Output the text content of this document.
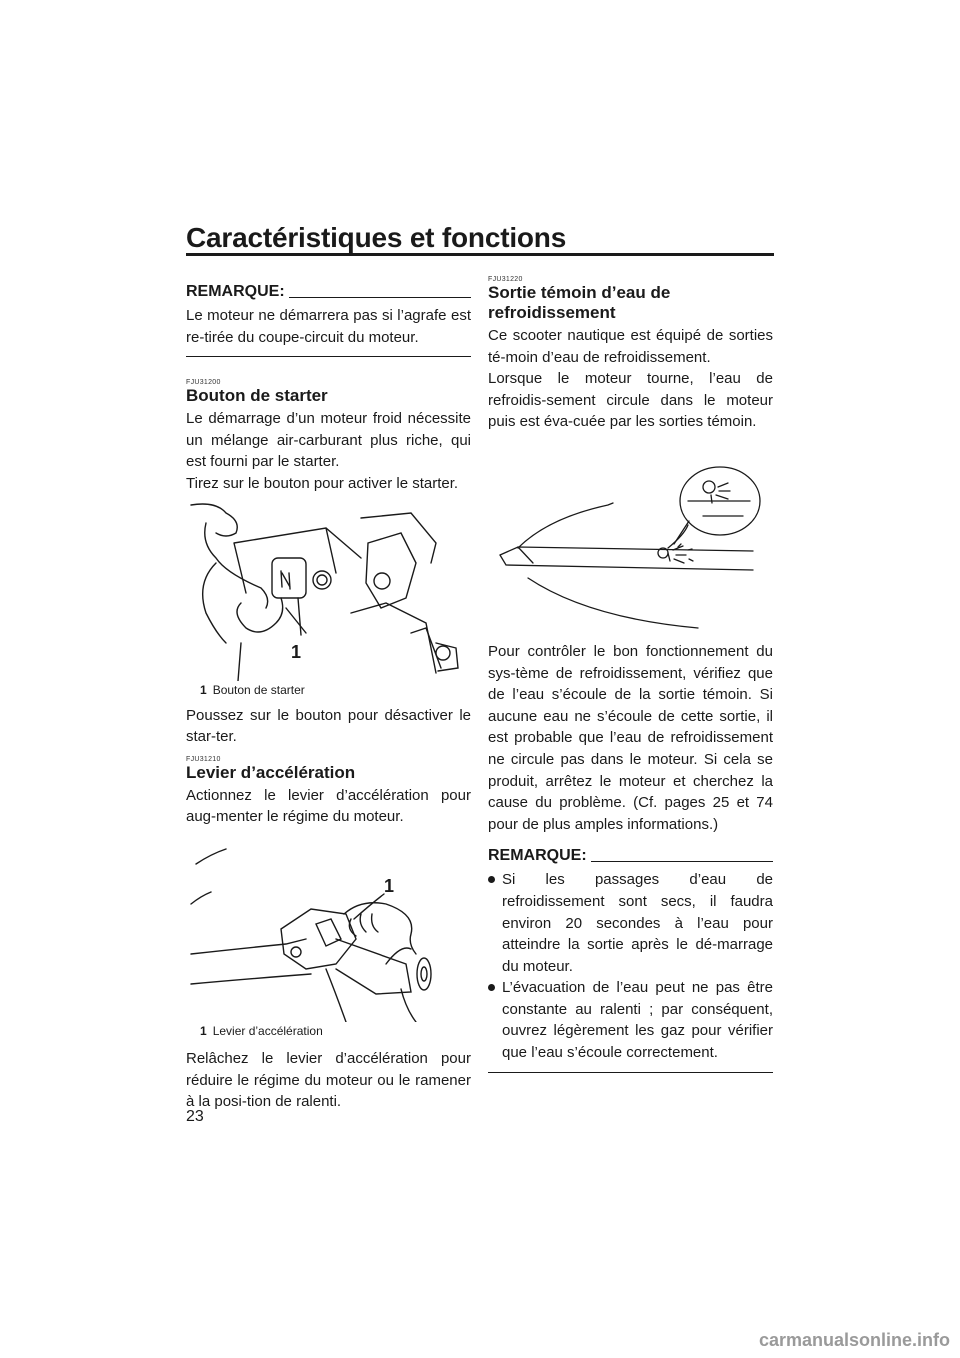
Caractéristiques et fonctions
REMARQUE:

Le moteur ne démarrera pas si l’agrafe est re-tirée du coupe-circuit du moteur.

FJU31200
Bouton de starter

Le démarrage d’un moteur froid nécessite un mélange air-carburant plus riche, qui est fourni par le starter.

Tirez sur le bouton pour activer le starter.

1
1 Bouton de starter

Poussez sur le bouton pour désactiver le star-ter.

FJU31210
Levier d’accélération

Actionnez le levier d’accélération pour aug-menter le régime du moteur.

1
1 Levier d’accélération

Relâchez le levier d’accélération pour réduire le régime du moteur ou le ramener à la posi-tion de ralenti.

FJU31220
Sortie témoin d’eau de refroidissement

Ce scooter nautique est équipé de sorties té-moin d’eau de refroidissement.

Lorsque le moteur tourne, l’eau de refroidis-sement circule dans le moteur puis est éva-cuée par les sorties témoin.

Pour contrôler le bon fonctionnement du sys-tème de refroidissement, vérifiez que de l’eau s’écoule de la sortie témoin. Si aucune eau ne s’écoule de cette sortie, il est probable que l’eau de refroidissement ne circule pas dans le moteur. Si cela se produit, arrêtez le moteur et cherchez la cause du problème. (Cf. pages 25 et 74 pour de plus amples informations.)

REMARQUE:
Si les passages d’eau de refroidissement sont secs, il faudra environ 20 secondes à l’eau pour atteindre la sortie après le dé-marrage du moteur.
L’évacuation de l’eau peut ne pas être constante au ralenti ; par conséquent, ouvrez légèrement les gaz pour vérifier que l’eau s’écoule correctement.
23
carmanualsonline.info
